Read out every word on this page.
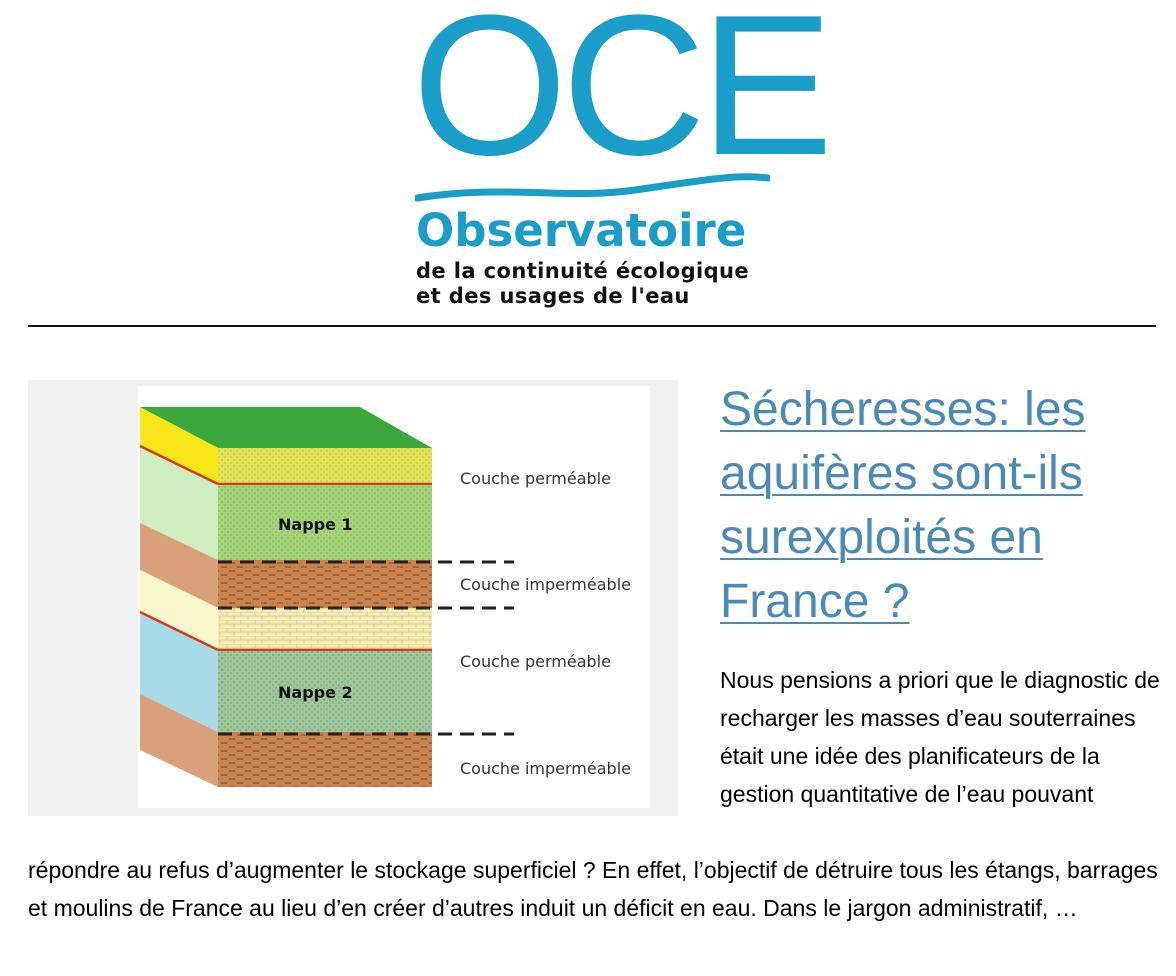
OCE
Observatoire
de la continuité écologique
et des usages de l'eau
Nappe 1
Nappe 2
Couche perméable
Couche imperméable
Couche perméable
Couche imperméable
Sécheresses: les aquifères sont-ils surexploités en France ?

Nous pensions a priori que le diagnostic de recharger les masses d’eau souterraines était une idée des planificateurs de la gestion quantitative de l’eau pouvant

répondre au refus d’augmenter le stockage superficiel ? En effet, l’objectif de détruire tous les étangs, barrages et moulins de France au lieu d’en créer d’autres induit un déficit en eau. Dans le jargon administratif, …
